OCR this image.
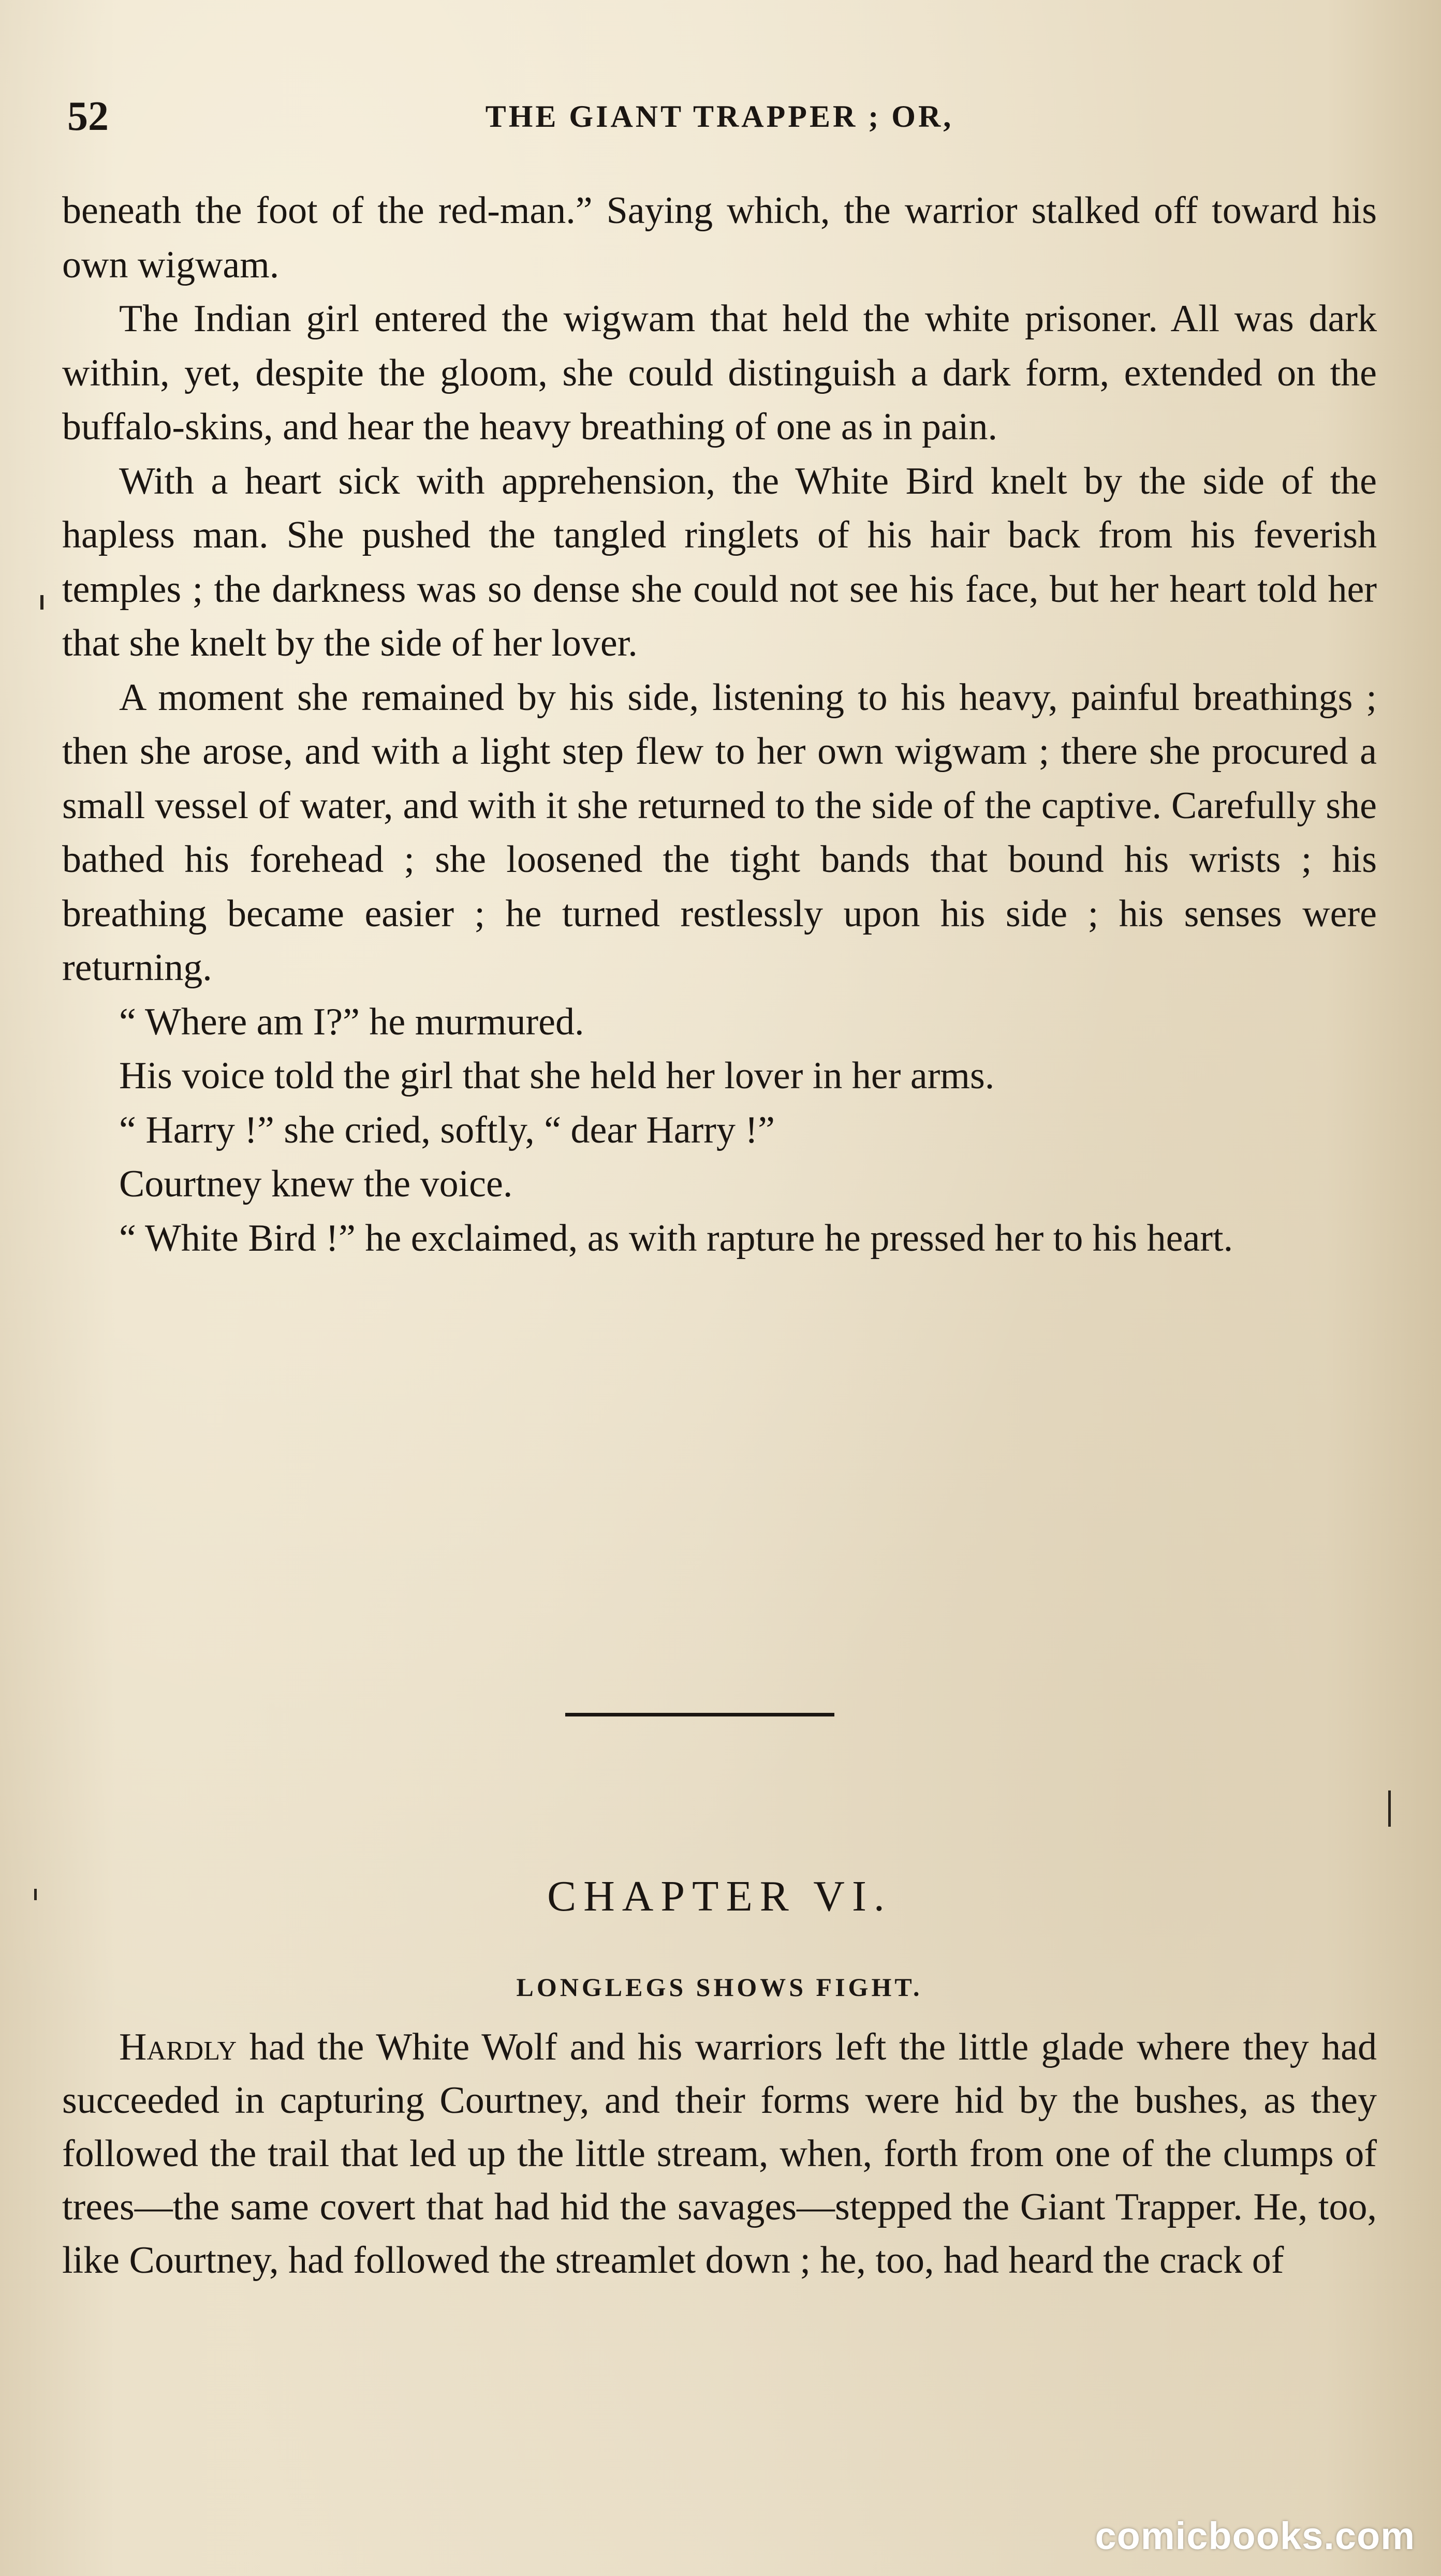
52	THE GIANT TRAPPER ; OR,

beneath the foot of the red-man.” Saying which, the warrior stalked off toward his own wigwam.

The Indian girl entered the wigwam that held the white prisoner. All was dark within, yet, despite the gloom, she could distinguish a dark form, extended on the buffalo-skins, and hear the heavy breathing of one as in pain.

With a heart sick with apprehension, the White Bird knelt by the side of the hapless man. She pushed the tangled ringlets of his hair back from his feverish temples ; the darkness was so dense she could not see his face, but her heart told her that she knelt by the side of her lover.

A moment she remained by his side, listening to his heavy, painful breathings ; then she arose, and with a light step flew to her own wigwam ; there she procured a small vessel of water, and with it she returned to the side of the captive. Carefully she bathed his forehead ; she loosened the tight bands that bound his wrists ; his breathing became easier ; he turned restlessly upon his side ; his senses were returning.

“ Where am I?” he murmured.

His voice told the girl that she held her lover in her arms.

“ Harry !” she cried, softly, “ dear Harry !”

Courtney knew the voice.

“ White Bird !” he exclaimed, as with rapture he pressed her to his heart.

CHAPTER VI.
LONGLEGS SHOWS FIGHT.

Hardly had the White Wolf and his warriors left the little glade where they had succeeded in capturing Courtney, and their forms were hid by the bushes, as they followed the trail that led up the little stream, when, forth from one of the clumps of trees—the same covert that had hid the savages—stepped the Giant Trapper. He, too, like Courtney, had followed the streamlet down ; he, too, had heard the crack of

comicbooks.com
